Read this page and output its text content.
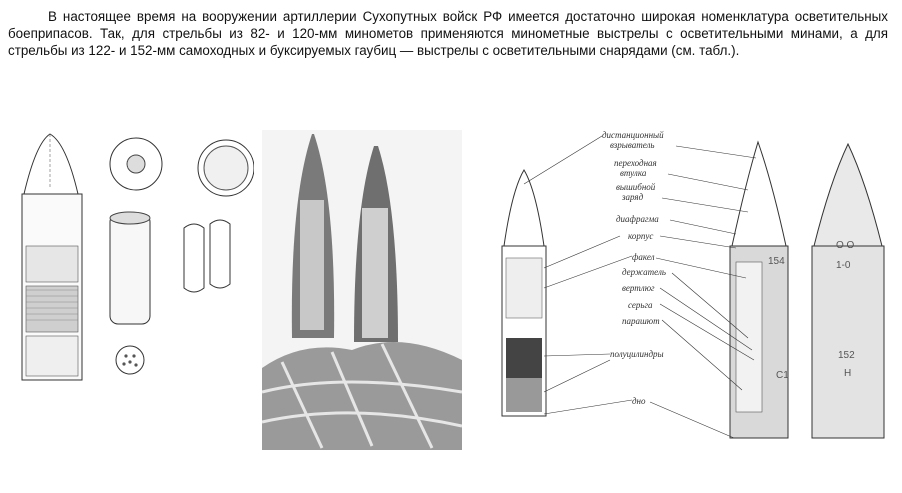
В настоящее время на вооружении артиллерии Сухопутных войск РФ имеется достаточно широкая номенклатура осветительных боеприпасов. Так, для стрельбы из 82- и 120-мм минометов применяются минометные выстрелы с осветительными минами, а для стрельбы из 122- и 152-мм самоходных и буксируемых гаубиц — выстрелы с осветительными снарядами (см. табл.).

154
С1
О О
1-0
152
Н
дистанционный
взрыватель
переходная
втулка
вышибной
заряд
диафрагма
корпус
факел
держатель
вертлюг
серьга
парашют
полуцилиндры
дно
